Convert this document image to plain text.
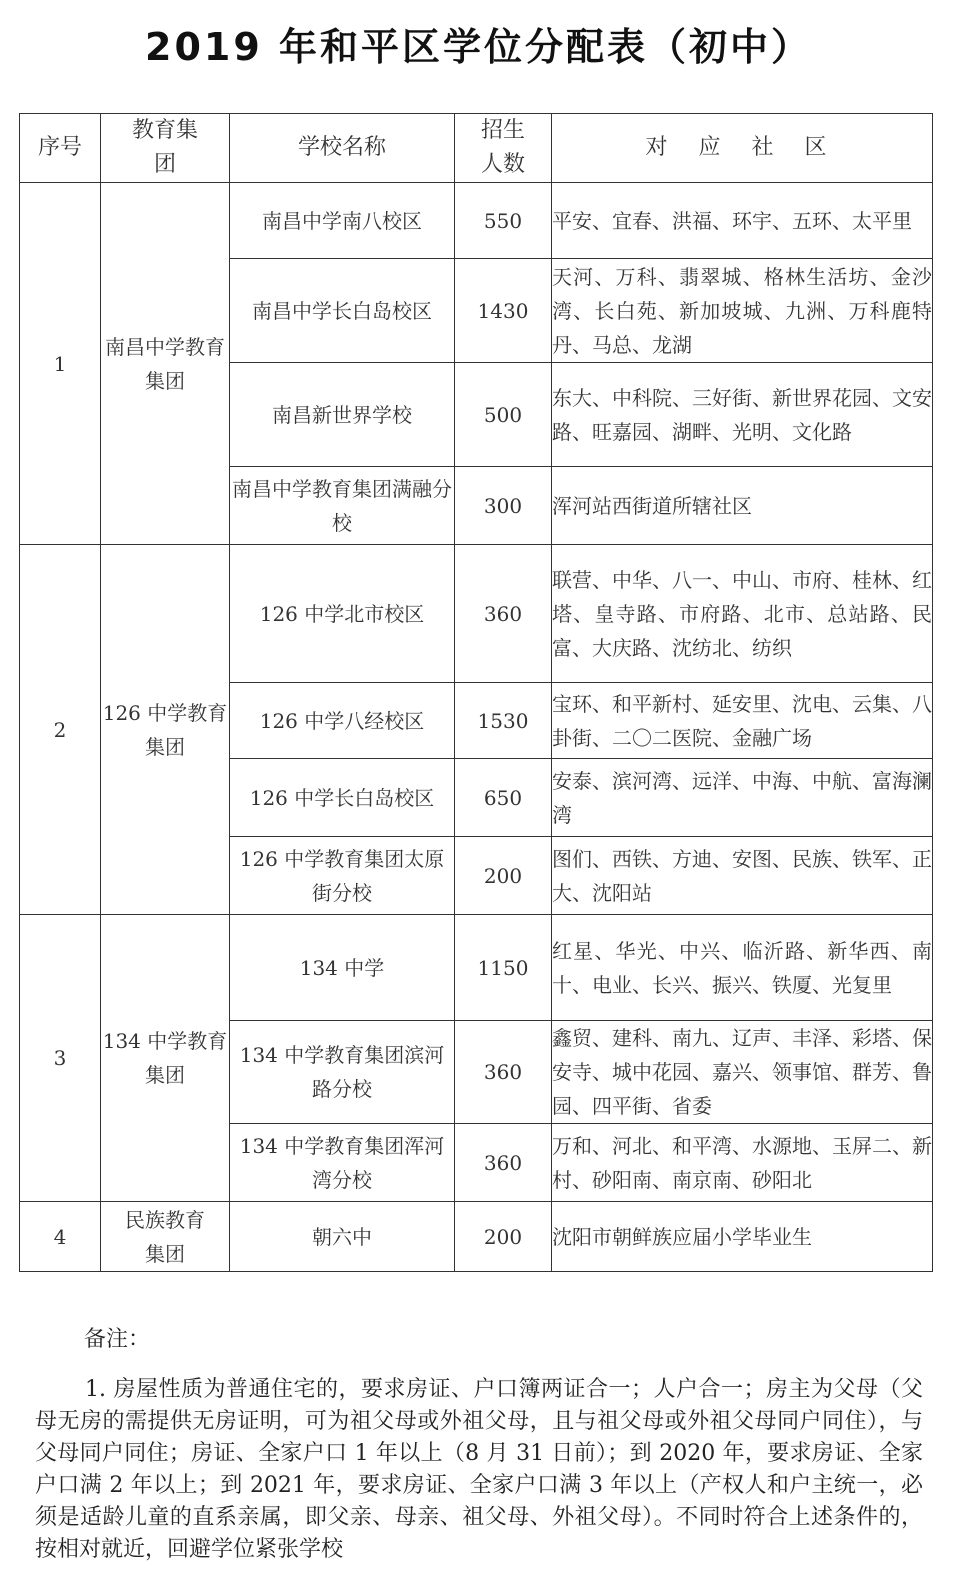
2019 年和平区学位分配表（初中）
序号	教育集团	学校名称	招生人数	对 应 社 区
1	南昌中学教育集团	南昌中学南八校区	550	平安、宜春、洪福、环宇、五环、太平里
		南昌中学长白岛校区	1430	天河、万科、翡翠城、格林生活坊、金沙湾、长白苑、新加坡城、九洲、万科鹿特丹、马总、龙湖
		南昌新世界学校	500	东大、中科院、三好街、新世界花园、文安路、旺嘉园、湖畔、光明、文化路
		南昌中学教育集团满融分校	300	浑河站西街道所辖社区
2	126 中学教育集团	126 中学北市校区	360	联营、中华、八一、中山、市府、桂林、红塔、皇寺路、市府路、北市、总站路、民富、大庆路、沈纺北、纺织
		126 中学八经校区	1530	宝环、和平新村、延安里、沈电、云集、八卦街、二〇二医院、金融广场
		126 中学长白岛校区	650	安泰、滨河湾、远洋、中海、中航、富海澜湾
		126 中学教育集团太原街分校	200	图们、西铁、方迪、安图、民族、铁军、正大、沈阳站
3	134 中学教育集团	134 中学	1150	红星、华光、中兴、临沂路、新华西、南十、电业、长兴、振兴、铁厦、光复里
		134 中学教育集团滨河路分校	360	鑫贸、建科、南九、辽声、丰泽、彩塔、保安寺、城中花园、嘉兴、领事馆、群芳、鲁园、四平街、省委
		134 中学教育集团浑河湾分校	360	万和、河北、和平湾、水源地、玉屏二、新村、砂阳南、南京南、砂阳北
4	民族教育集团	朝六中	200	沈阳市朝鲜族应届小学毕业生
备注：
1. 房屋性质为普通住宅的，要求房证、户口簿两证合一；人户合一；房主为父母（父母无房的需提供无房证明，可为祖父母或外祖父母，且与祖父母或外祖父母同户同住），与父母同户同住；房证、全家户口 1 年以上（8 月 31 日前）；到 2020 年，要求房证、全家户口满 2 年以上；到 2021 年，要求房证、全家户口满 3 年以上（产权人和户主统一，必须是适龄儿童的直系亲属，即父亲、母亲、祖父母、外祖父母）。不同时符合上述条件的，按相对就近，回避学位紧张学校
